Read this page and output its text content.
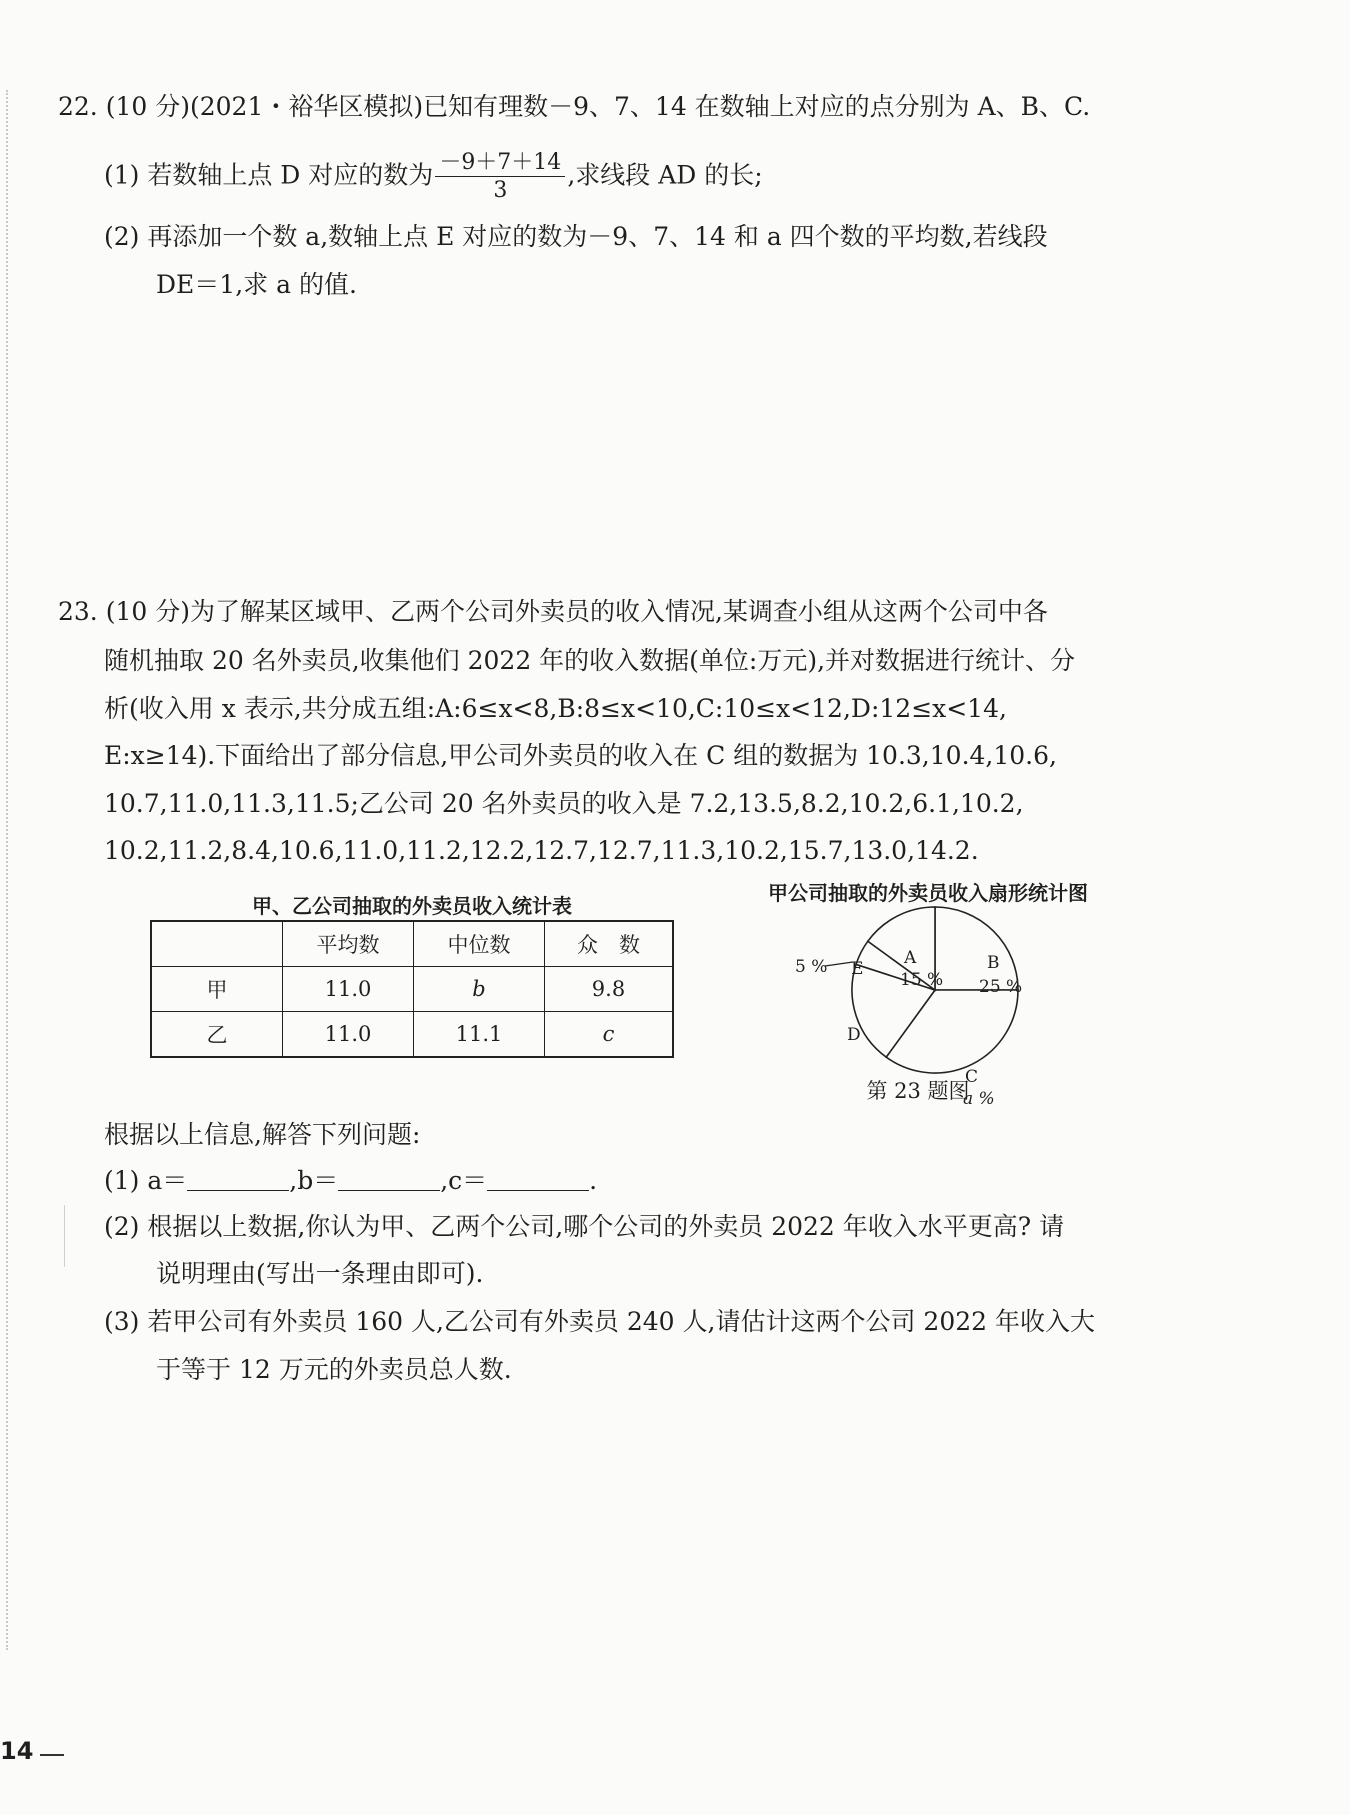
22. (10 分)(2021・裕华区模拟)已知有理数－9、7、14 在数轴上对应的点分别为 A、B、C.
(1) 若数轴上点 D 对应的数为 $\frac{-9+7+14}{3}$ ,求线段 AD 的长;
(2) 再添加一个数 a,数轴上点 E 对应的数为－9、7、14 和 a 四个数的平均数,若线段
DE＝1,求 a 的值.
23. (10 分)为了解某区域甲、乙两个公司外卖员的收入情况,某调查小组从这两个公司中各
随机抽取 20 名外卖员,收集他们 2022 年的收入数据(单位:万元),并对数据进行统计、分
析(收入用 x 表示,共分成五组:A:6≤x<8,B:8≤x<10,C:10≤x<12,D:12≤x<14,
E:x≥14).下面给出了部分信息,甲公司外卖员的收入在 C 组的数据为 10.3,10.4,10.6,
10.7,11.0,11.3,11.5;乙公司 20 名外卖员的收入是 7.2,13.5,8.2,10.2,6.1,10.2,
10.2,11.2,8.4,10.6,11.0,11.2,12.2,12.7,12.7,11.3,10.2,15.7,13.0,14.2.
甲、乙公司抽取的外卖员收入统计表
	平均数	中位数	众　数
甲	11.0	b	9.8
乙	11.0	11.1	c
甲公司抽取的外卖员收入扇形统计图
B
25 %
C
a %
D
E
5 %	A
15 %
第 23 题图
根据以上信息,解答下列问题:
(1) a＝	,b＝	,c＝	.
(2) 根据以上数据,你认为甲、乙两个公司,哪个公司的外卖员 2022 年收入水平更高? 请
说明理由(写出一条理由即可).
(3) 若甲公司有外卖员 160 人,乙公司有外卖员 240 人,请估计这两个公司 2022 年收入大
于等于 12 万元的外卖员总人数.
14
